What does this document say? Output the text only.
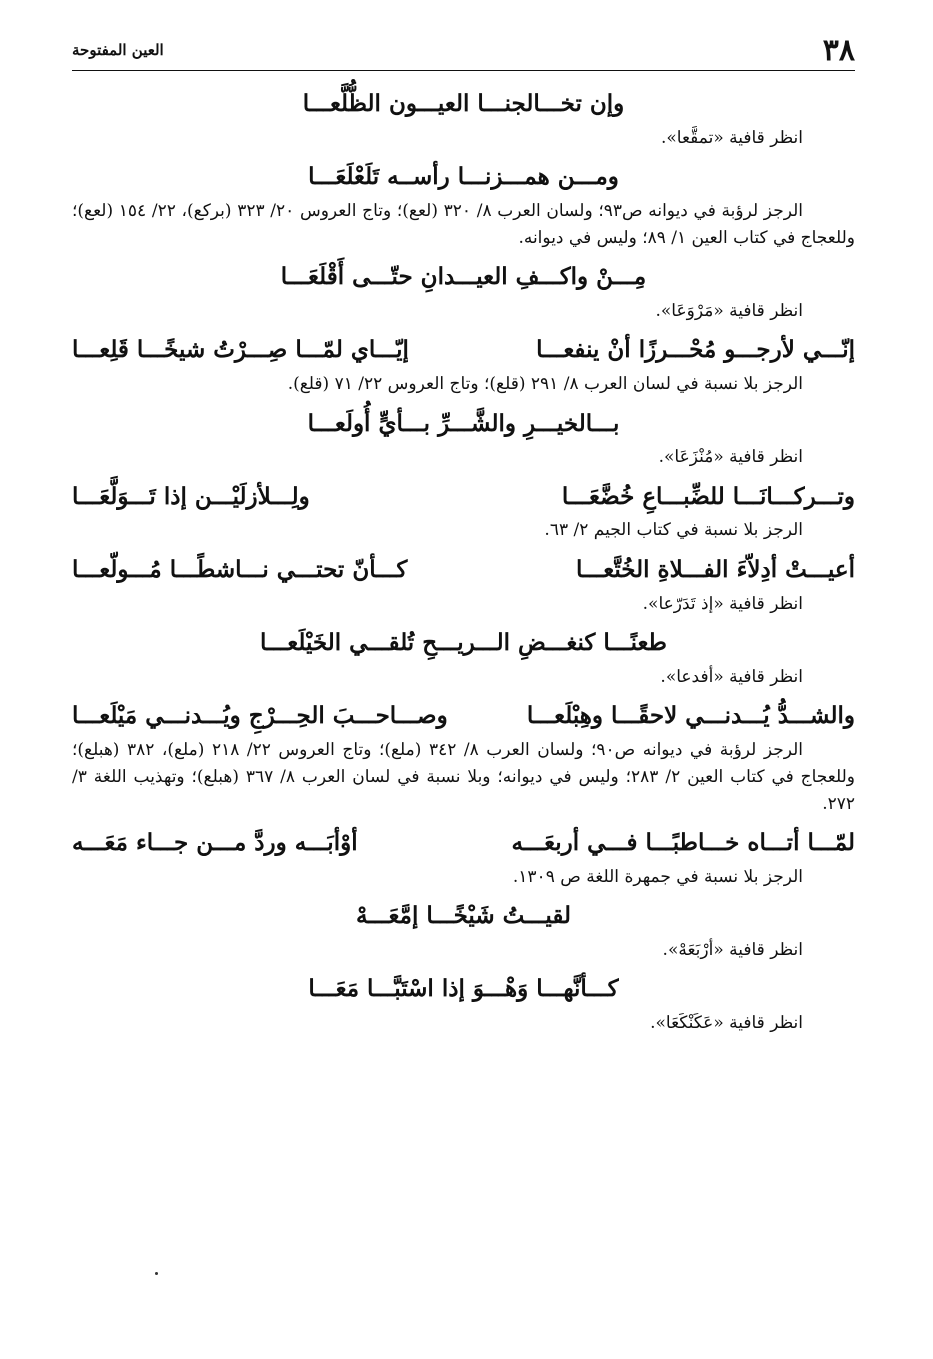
٣٨
العين المفتوحة
وإن تخـــالجنـــا العيـــون الظُّلَّعـــا
انظر قافية «تمقَّعا».
ومـــن همـــزنـــا رأســه تَلَعْلَعَـــا
الرجز لرؤبة في ديوانه ص٩٣؛ ولسان العرب ٨/ ٣٢٠ (لعع)؛ وتاج العروس ٢٠/ ٣٢٣ (بركع)، ٢٢/ ١٥٤ (لعع)؛ وللعجاج في كتاب العين ١/ ٨٩؛ وليس في ديوانه.
مِـــنْ واكـــفِ العيـــدانِ حتّـــى أَقْلَعَـــا
انظر قافية «مَرْوَعَا».
إنّـــي لأرجـــو مُحْـــرزًا أنْ ينفعـــا
إيّـــاي لمّـــا صِـــرْتُ شيخًـــا قَلِعـــا
الرجز بلا نسبة في لسان العرب ٨/ ٢٩١ (قلع)؛ وتاج العروس ٢٢/ ٧١ (قلع).
بـــالخيـــرِ والشَّـــرِّ بـــأيٍّ أُولَعـــا
انظر قافية «مُنْزَعَا».
وتـــركـــانَـــا للضِّبـــاعِ خُضَّعَـــا
ولِـــلأزلَيْـــن إذا تَـــوَلَّعَـــا
الرجز بلا نسبة في كتاب الجيم ٢/ ٦٣.
أعيـــتْ أدِلاّءَ الفـــلاةِ الخُتَّعـــا
كـــأنّ تحتـــي نـــاشطًـــا مُـــولّعـــا
انظر قافية «إذ تَدَرّعا».
طعنًـــا كنغـــضِ الـــريـــحِ تُلقـــي الخَيْلَعـــا
انظر قافية «أفدعا».
والشـــدُّ يُـــدنـــي لاحقًـــا وهِبْلَعـــا
وصـــاحـــبَ الحِـــرْجِ ويُـــدنـــي مَيْلَعـــا
الرجز لرؤبة في ديوانه ص٩٠؛ ولسان العرب ٨/ ٣٤٢ (ملع)؛ وتاج العروس ٢٢/ ٢١٨ (ملع)، ٣٨٢ (هبلع)؛ وللعجاج في كتاب العين ٢/ ٢٨٣؛ وليس في ديوانه؛ وبلا نسبة في لسان العرب ٨/ ٣٦٧ (هبلع)؛ وتهذيب اللغة ٣/ ٢٧٢.
لمّـــا أتـــاه خـــاطبًـــا فـــي أربعَـــه
أوْأبَـــه وردَّ مـــن جـــاء مَعَـــه
الرجز بلا نسبة في جمهرة اللغة ص ١٣٠٩.
لقيـــتُ شَيْخًـــا إمَّعَـــهْ
انظر قافية «أرْبَعَهْ».
كـــأنَّهـــا وَهْـــوَ إذا اسْتَبَّـــا مَعَـــا
انظر قافية «عَكَنْكَعَا».
